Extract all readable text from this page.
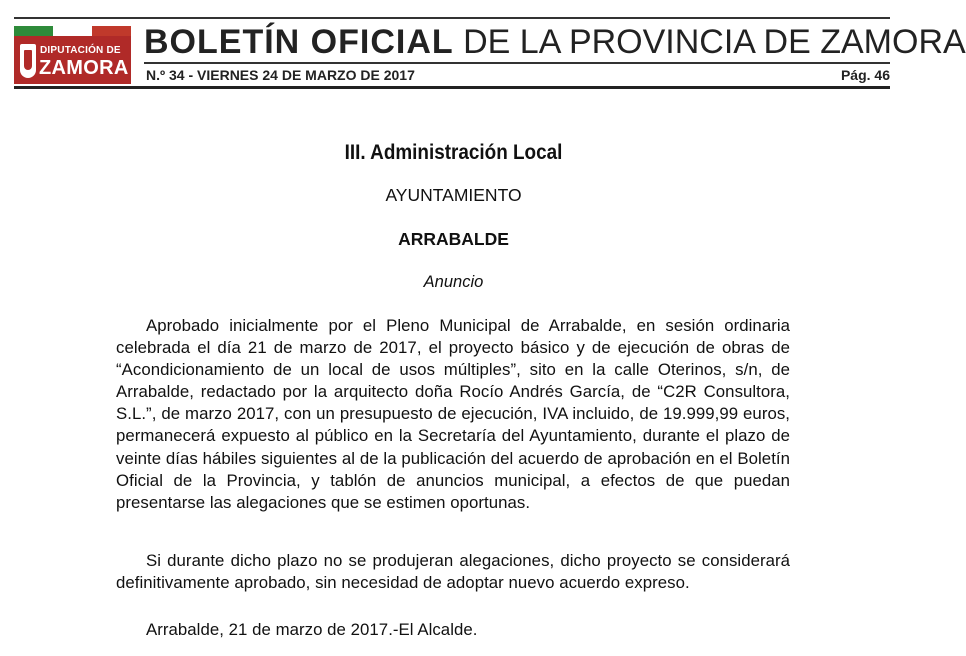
DIPUTACIÓN DE
ZAMORA
BOLETÍN OFICIAL DE LA PROVINCIA DE ZAMORA
N.º 34 - VIERNES 24 DE MARZO DE 2017	Pág. 46
III. Administración Local
AYUNTAMIENTO
ARRABALDE
Anuncio

Aprobado inicialmente por el Pleno Municipal de Arrabalde, en sesión ordinaria celebrada el día 21 de marzo de 2017, el proyecto básico y de ejecución de obras de “Acondicionamiento de un local de usos múltiples”, sito en la calle Oterinos, s/n, de Arrabalde, redactado por la arquitecto doña Rocío Andrés García, de “C2R Consultora, S.L.”, de marzo 2017, con un presupuesto de ejecución, IVA incluido, de 19.999,99 euros, permanecerá expuesto al público en la Secretaría del Ayuntamiento, durante el plazo de veinte días hábiles siguientes al de la publicación del acuerdo de aprobación en el Boletín Oficial de la Provincia, y tablón de anuncios municipal, a efectos de que puedan presentarse las alegaciones que se estimen oportunas.

Si durante dicho plazo no se produjeran alegaciones, dicho proyecto se considerará definitivamente aprobado, sin necesidad de adoptar nuevo acuerdo expreso.

Arrabalde, 21 de marzo de 2017.-El Alcalde.
